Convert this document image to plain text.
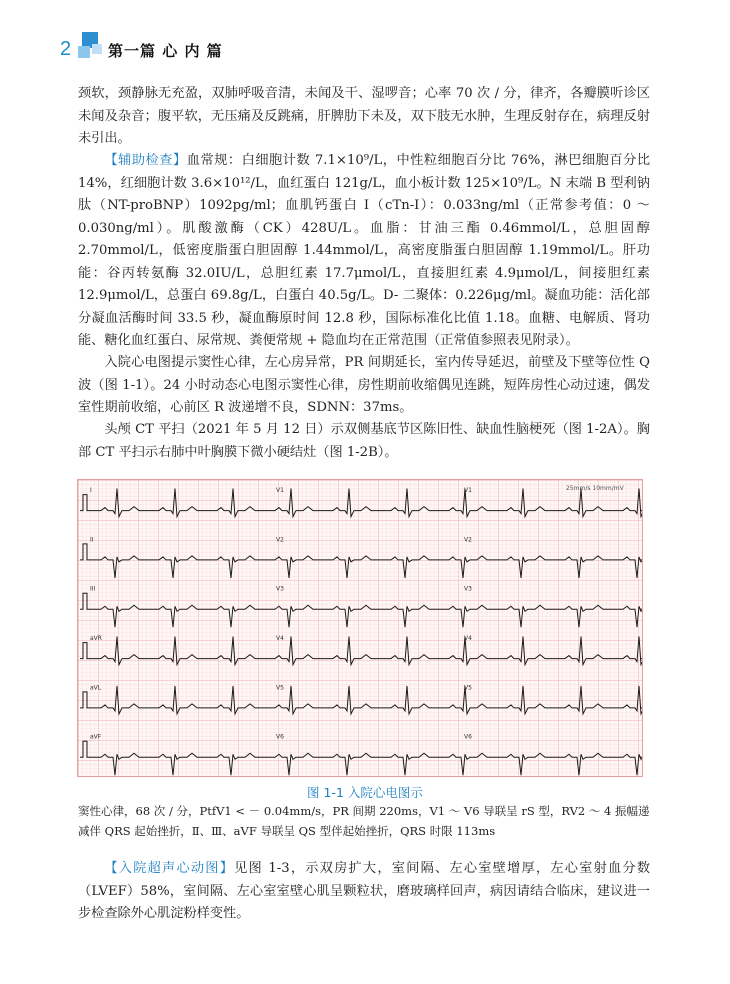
2 第一篇 心 内 篇

颈软，颈静脉无充盈，双肺呼吸音清，未闻及干、湿啰音；心率 70 次 / 分，律齐，各瓣膜听诊区未闻及杂音；腹平软，无压痛及反跳痛，肝脾肋下未及，双下肢无水肿，生理反射存在，病理反射未引出。

【辅助检查】血常规：白细胞计数 7.1×10⁹/L，中性粒细胞百分比 76%，淋巴细胞百分比 14%，红细胞计数 3.6×10¹²/L，血红蛋白 121g/L，血小板计数 125×10⁹/L。N 末端 B 型利钠肽（NT-proBNP）1092pg/ml；血肌钙蛋白 I（cTn-I）：0.033ng/ml（正常参考值：0 ～ 0.030ng/ml）。肌酸激酶（CK）428U/L。血脂：甘油三酯 0.46mmol/L，总胆固醇 2.70mmol/L，低密度脂蛋白胆固醇 1.44mmol/L，高密度脂蛋白胆固醇 1.19mmol/L。肝功能：谷丙转氨酶 32.0IU/L，总胆红素 17.7μmol/L，直接胆红素 4.9μmol/L，间接胆红素 12.9μmol/L，总蛋白 69.8g/L，白蛋白 40.5g/L。D- 二聚体：0.226μg/ml。凝血功能：活化部分凝血活酶时间 33.5 秒，凝血酶原时间 12.8 秒，国际标准化比值 1.18。血糖、电解质、肾功能、糖化血红蛋白、尿常规、粪便常规 + 隐血均在正常范围（正常值参照表见附录）。

入院心电图提示窦性心律，左心房异常，PR 间期延长，室内传导延迟，前壁及下壁等位性 Q 波（图 1-1）。24 小时动态心电图示窦性心律，房性期前收缩偶见连跳，短阵房性心动过速，偶发室性期前收缩，心前区 R 波递增不良，SDNN：37ms。

头颅 CT 平扫（2021 年 5 月 12 日）示双侧基底节区陈旧性、缺血性脑梗死（图 1-2A）。胸部 CT 平扫示右肺中叶胸膜下微小硬结灶（图 1-2B）。

I	V1	V1
II	V2	V2
III	V3	V3
aVR	V4	V4
aVL	V5	V5
aVF	V6	V6
25mm/s 10mm/mV
图 1-1 入院心电图示

窦性心律，68 次 / 分，PtfV1 < － 0.04mm/s，PR 间期 220ms，V1 ～ V6 导联呈 rS 型，RV2 ～ 4 振幅递减伴 QRS 起始挫折，Ⅱ、Ⅲ、aVF 导联呈 QS 型伴起始挫折，QRS 时限 113ms

【入院超声心动图】见图 1-3，示双房扩大，室间隔、左心室壁增厚，左心室射血分数（LVEF）58%，室间隔、左心室室壁心肌呈颗粒状，磨玻璃样回声，病因请结合临床，建议进一步检查除外心肌淀粉样变性。
